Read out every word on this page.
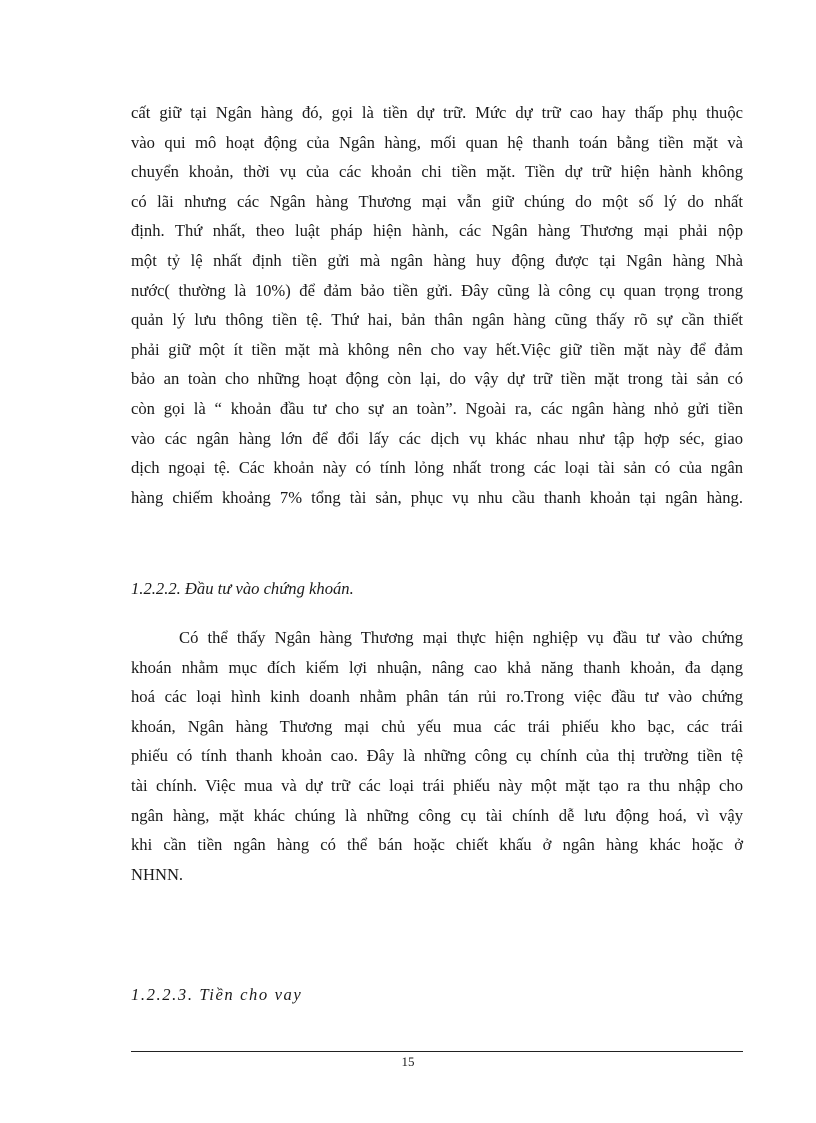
cất giữ tại Ngân hàng đó, gọi là tiền dự trữ. Mức dự trữ cao hay thấp phụ thuộc
vào qui mô hoạt động của Ngân hàng, mối quan hệ thanh toán bằng tiền mặt và
chuyển khoản, thời vụ của các khoản chi tiền mặt. Tiền dự trữ hiện hành không
có lãi nhưng các Ngân hàng Thương mại vẫn giữ chúng do một số lý do nhất
định. Thứ nhất, theo luật pháp hiện hành, các Ngân hàng Thương mại phải nộp
một tỷ lệ nhất định tiền gửi mà ngân hàng huy động được tại Ngân hàng Nhà
nước( thường là 10%) để đảm bảo tiền gửi. Đây cũng là công cụ quan trọng trong
quản lý lưu thông tiền tệ. Thứ hai, bản thân ngân hàng cũng thấy rõ sự cần thiết
phải giữ một ít tiền mặt mà không nên cho vay hết.Việc giữ tiền mặt này để đảm
bảo an toàn cho những hoạt động còn lại, do vậy dự trữ tiền mặt trong tài sản có
còn gọi là “ khoản đầu tư cho sự an toàn”. Ngoài ra, các ngân hàng nhỏ gửi tiền
vào các ngân hàng lớn để đổi lấy các dịch vụ khác nhau như tập hợp séc, giao
dịch ngoại tệ. Các khoản này có tính lỏng nhất trong các loại tài sản có của ngân
hàng chiếm khoảng 7% tổng tài sản, phục vụ nhu cầu thanh khoản tại ngân hàng.
1.2.2.2. Đầu tư vào chứng khoán.
Có thể thấy Ngân hàng Thương mại thực hiện nghiệp vụ đầu tư vào chứng
khoán nhằm mục đích kiếm lợi nhuận, nâng cao khả năng thanh khoản, đa dạng
hoá các loại hình kinh doanh nhằm phân tán rủi ro.Trong việc đầu tư vào chứng
khoán, Ngân hàng Thương mại chủ yếu mua các trái phiếu kho bạc, các trái
phiếu có tính thanh khoản cao. Đây là những công cụ chính của thị trường tiền tệ
tài chính. Việc mua và dự trữ các loại trái phiếu này một mặt tạo ra thu nhập cho
ngân hàng, mặt khác chúng là những công cụ tài chính dễ lưu động hoá, vì vậy
khi cần tiền ngân hàng có thể bán hoặc chiết khấu ở ngân hàng khác hoặc ở
NHNN.
1.2.2.3. Tiền cho vay
15
